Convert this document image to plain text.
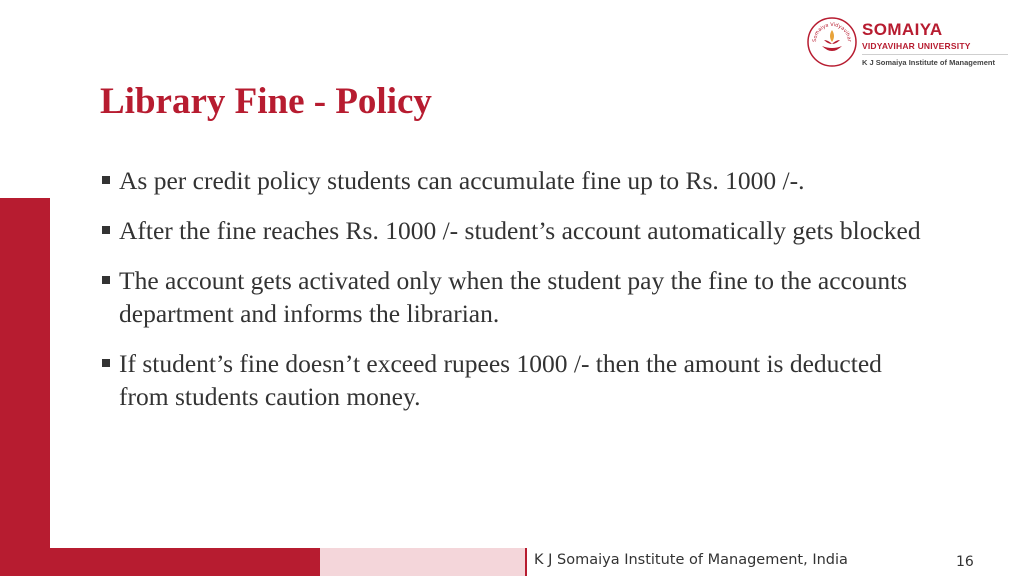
Somaiya Vidyavihar
SOMAIYA
VIDYAVIHAR UNIVERSITY
K J Somaiya Institute of Management
Library Fine - Policy
As per credit policy students can accumulate fine up to Rs. 1000 /-.
After the fine reaches Rs. 1000 /- student’s account automatically gets blocked
The account gets activated only when the student pay the fine to the accounts department and informs the librarian.
If student’s fine doesn’t exceed rupees 1000 /- then the amount is deducted from students caution money.
K J Somaiya Institute of Management, India	16
